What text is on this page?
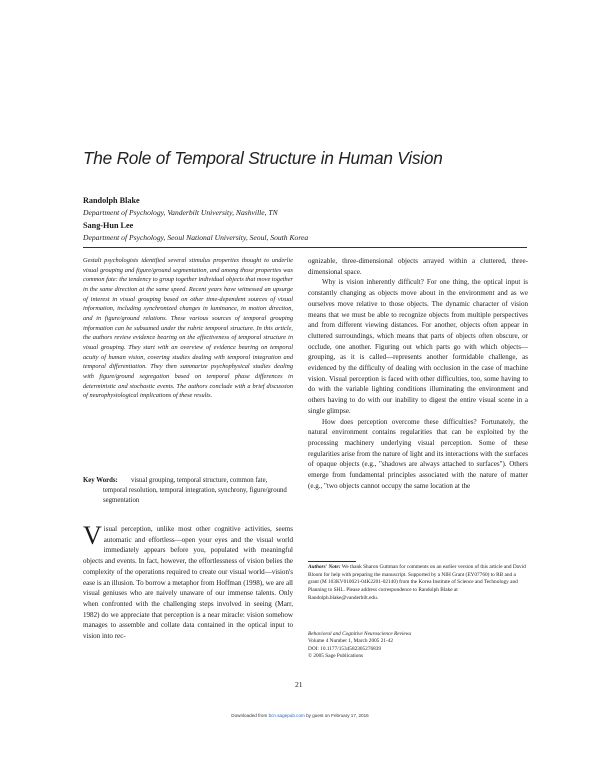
The Role of Temporal Structure in Human Vision
Randolph Blake
Department of Psychology, Vanderbilt University, Nashville, TN
Sang-Hun Lee
Department of Psychology, Seoul National University, Seoul, South Korea
Gestalt psychologists identified several stimulus properties thought to underlie visual grouping and figure/ground segmentation, and among those properties was common fate: the tendency to group together individual objects that move together in the same direction at the same speed. Recent years have witnessed an upsurge of interest in visual grouping based on other time-dependent sources of visual information, including synchronized changes in luminance, in motion direction, and in figure/ground relations. These various sources of temporal grouping information can be subsumed under the rubric temporal structure. In this article, the authors review evidence bearing on the effectiveness of temporal structure in visual grouping. They start with an overview of evidence bearing on temporal acuity of human vision, covering studies dealing with temporal integration and temporal differentiation. They then summarize psychophysical studies dealing with figure/ground segregation based on temporal phase differences in deterministic and stochastic events. The authors conclude with a brief discussion of neurophysiological implications of these results.
Key Words:	visual grouping, temporal structure, common fate, temporal resolution, temporal integration, synchrony, figure/ground segmentation
Visual perception, unlike most other cognitive activities, seems automatic and effortless—open your eyes and the visual world immediately appears before you, populated with meaningful objects and events. In fact, however, the effortlessness of vision belies the complexity of the operations required to create our visual world—vision's ease is an illusion. To borrow a metaphor from Hoffman (1998), we are all visual geniuses who are naively unaware of our immense talents. Only when confronted with the challenging steps involved in seeing (Marr, 1982) do we appreciate that perception is a near miracle: vision somehow manages to assemble and collate data contained in the optical input to vision into rec-

ognizable, three-dimensional objects arrayed within a cluttered, three-dimensional space.

Why is vision inherently difficult? For one thing, the optical input is constantly changing as objects move about in the environment and as we ourselves move relative to those objects. The dynamic character of vision means that we must be able to recognize objects from multiple perspectives and from different viewing distances. For another, objects often appear in cluttered surroundings, which means that parts of objects often obscure, or occlude, one another. Figuring out which parts go with which objects—grouping, as it is called—represents another formidable challenge, as evidenced by the difficulty of dealing with occlusion in the case of machine vision. Visual perception is faced with other difficulties, too, some having to do with the variable lighting conditions illuminating the environment and others having to do with our inability to digest the entire visual scene in a single glimpse.

How does perception overcome these difficulties? Fortunately, the natural environment contains regularities that can be exploited by the processing machinery underlying visual perception. Some of these regularities arise from the nature of light and its interactions with the surfaces of opaque objects (e.g., "shadows are always attached to surfaces"). Others emerge from fundamental principles associated with the nature of matter (e.g., "two objects cannot occupy the same location at the

Authors' Note: We thank Sharon Guttman for comments on an earlier version of this article and David Bloom for help with preparing the manuscript. Supported by a NIH Grant (EY07760) to RB and a grant (M 103KV010021-04K2201-02140) from the Korea Institute of Science and Technology and Planning to SHL. Please address correspondence to Randolph Blake at Randolph.blake@vanderbilt.edu.
Behavioral and Cognitive Neuroscience Reviews
Volume 4 Number 1, March 2005 21-42
DOI: 10.1177/1534582305276839
© 2005 Sage Publications
21
Downloaded from bcn.sagepub.com by guest on February 17, 2016
